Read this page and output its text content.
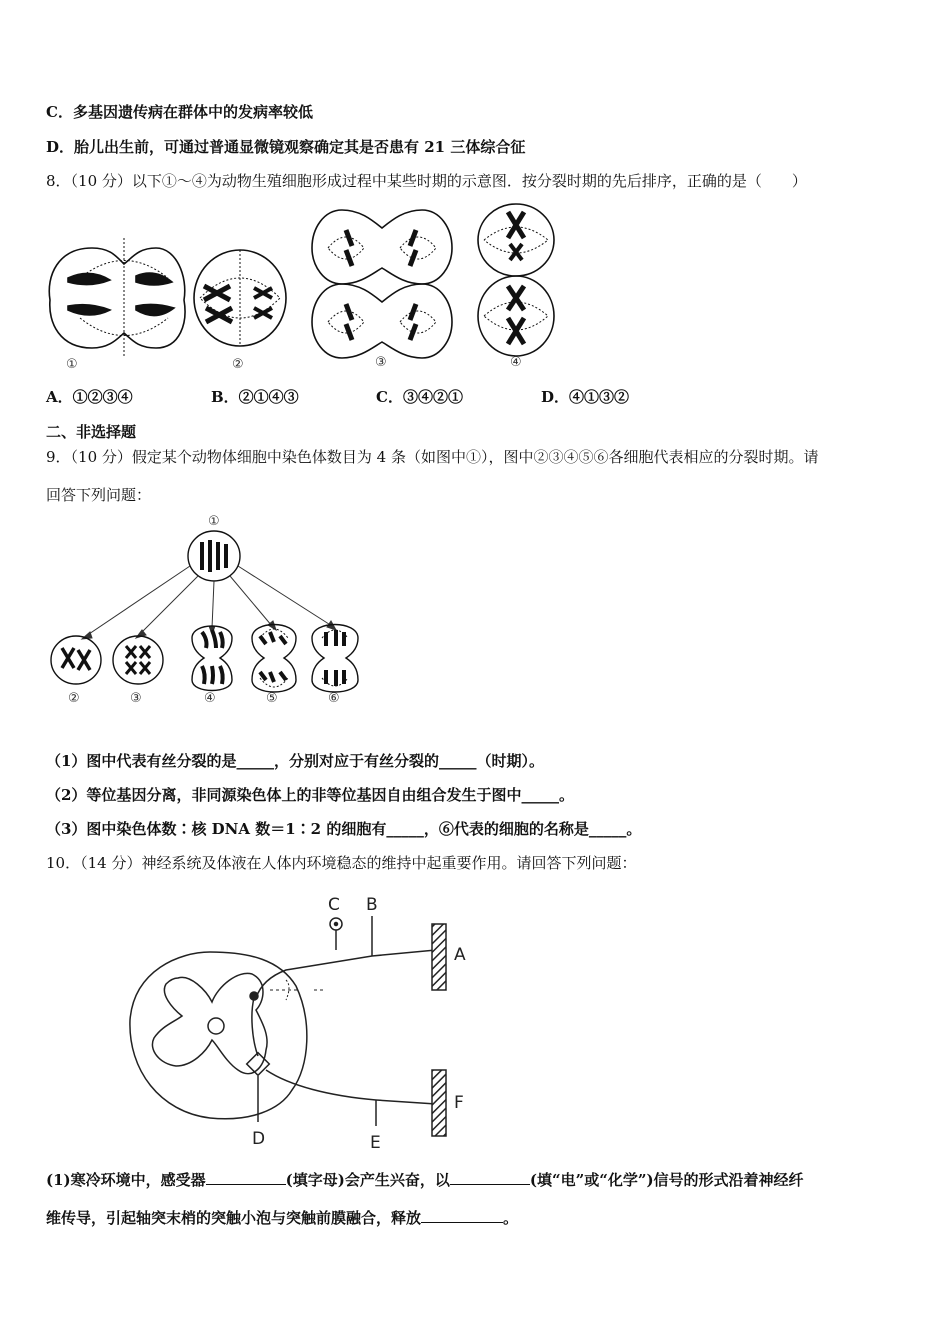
C．多基因遗传病在群体中的发病率较低
D．胎儿出生前，可通过普通显微镜观察确定其是否患有 21 三体综合征
8．（10 分）以下①～④为动物生殖细胞形成过程中某些时期的示意图．按分裂时期的先后排序，正确的是（　　）
①	②	③	④
A．①②③④	B．②①④③	C．③④②①	D．④①③②
二、非选择题
9．（10 分）假定某个动物体细胞中染色体数目为 4 条（如图中①），图中②③④⑤⑥各细胞代表相应的分裂时期。请
回答下列问题：
①
②	③	④	⑤	⑥
（1）图中代表有丝分裂的是_____，分别对应于有丝分裂的_____（时期）。
（2）等位基因分离，非同源染色体上的非等位基因自由组合发生于图中_____。
（3）图中染色体数∶核 DNA 数＝1∶2 的细胞有_____，⑥代表的细胞的名称是_____。
10．（14 分）神经系统及体液在人体内环境稳态的维持中起重要作用。请回答下列问题：
C B
A
F
D	E
(1)寒冷环境中，感受器	(填字母)会产生兴奋，以	(填“电”或“化学”)信号的形式沿着神经纤
维传导，引起轴突末梢的突触小泡与突触前膜融合，释放	。
